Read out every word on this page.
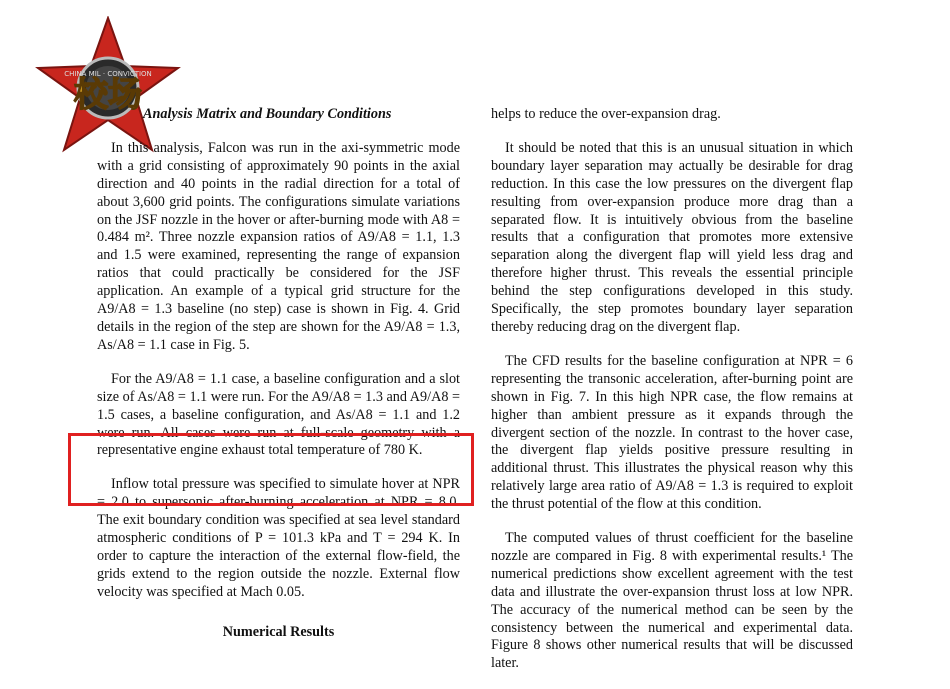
CHINA MIL · CONVICTION
校场 Analysis Matrix and Boundary Conditions

In this analysis, Falcon was run in the axi-symmetric mode with a grid consisting of approximately 90 points in the axial direction and 40 points in the radial direction for a total of about 3,600 grid points. The configurations simulate variations on the JSF nozzle in the hover or after-burning mode with A8 = 0.484 m². Three nozzle expansion ratios of A9/A8 = 1.1, 1.3 and 1.5 were examined, representing the range of expansion ratios that could practically be considered for the JSF application. An example of a typical grid structure for the A9/A8 = 1.3 baseline (no step) case is shown in Fig. 4. Grid details in the region of the step are shown for the A9/A8 = 1.3, As/A8 = 1.1 case in Fig. 5.

For the A9/A8 = 1.1 case, a baseline configuration and a slot size of As/A8 = 1.1 were run. For the A9/A8 = 1.3 and A9/A8 = 1.5 cases, a baseline configuration, and As/A8 = 1.1 and 1.2 were run. All cases were run at full-scale geometry with a representative engine exhaust total temperature of 780 K.

Inflow total pressure was specified to simulate hover at NPR = 2.0 to supersonic after-burning acceleration at NPR = 8.0. The exit boundary condition was specified at sea level standard atmospheric conditions of P = 101.3 kPa and T = 294 K. In order to capture the interaction of the external flow-field, the grids extend to the region outside the nozzle. External flow velocity was specified at Mach 0.05.

Numerical Results

helps to reduce the over-expansion drag.

It should be noted that this is an unusual situation in which boundary layer separation may actually be desirable for drag reduction. In this case the low pressures on the divergent flap resulting from over-expansion produce more drag than a separated flow. It is intuitively obvious from the baseline results that a configuration that promotes more extensive separation along the divergent flap will yield less drag and therefore higher thrust. This reveals the essential principle behind the step configurations developed in this study. Specifically, the step promotes boundary layer separation thereby reducing drag on the divergent flap.

The CFD results for the baseline configuration at NPR = 6 representing the transonic acceleration, after-burning point are shown in Fig. 7. In this high NPR case, the flow remains at higher than ambient pressure as it expands through the divergent section of the nozzle. In contrast to the hover case, the divergent flap yields positive pressure resulting in additional thrust. This illustrates the physical reason why this relatively large area ratio of A9/A8 = 1.3 is required to exploit the thrust potential of the flow at this condition.

The computed values of thrust coefficient for the baseline nozzle are compared in Fig. 8 with experimental results.¹ The numerical predictions show excellent agreement with the test data and illustrate the over-expansion thrust loss at low NPR. The accuracy of the numerical method can be seen by the consistency between the numerical and experimental data. Figure 8 shows other numerical results that will be discussed later.
